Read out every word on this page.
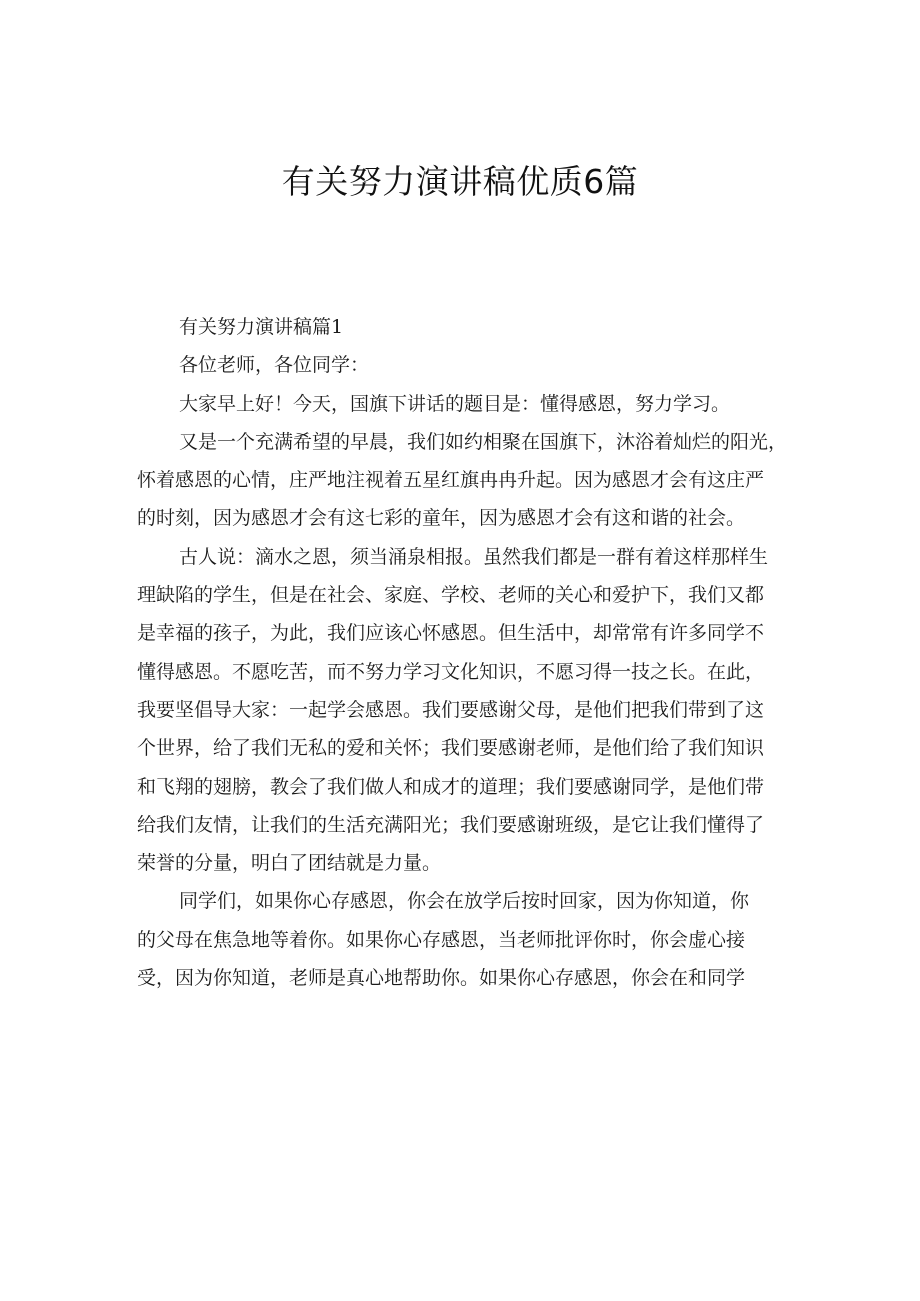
有关努力演讲稿优质6篇
有关努力演讲稿篇1
各位老师，各位同学：
大家早上好！今天，国旗下讲话的题目是：懂得感恩，努力学习。
又是一个充满希望的早晨，我们如约相聚在国旗下，沐浴着灿烂的阳光，
怀着感恩的心情，庄严地注视着五星红旗冉冉升起。因为感恩才会有这庄严
的时刻，因为感恩才会有这七彩的童年，因为感恩才会有这和谐的社会。
古人说：滴水之恩，须当涌泉相报。虽然我们都是一群有着这样那样生
理缺陷的学生，但是在社会、家庭、学校、老师的关心和爱护下，我们又都
是幸福的孩子，为此，我们应该心怀感恩。但生活中，却常常有许多同学不
懂得感恩。不愿吃苦，而不努力学习文化知识，不愿习得一技之长。在此，
我要坚倡导大家：一起学会感恩。我们要感谢父母，是他们把我们带到了这
个世界，给了我们无私的爱和关怀；我们要感谢老师，是他们给了我们知识
和飞翔的翅膀，教会了我们做人和成才的道理；我们要感谢同学，是他们带
给我们友情，让我们的生活充满阳光；我们要感谢班级，是它让我们懂得了
荣誉的分量，明白了团结就是力量。
同学们，如果你心存感恩，你会在放学后按时回家，因为你知道，你
的父母在焦急地等着你。如果你心存感恩，当老师批评你时，你会虚心接
受，因为你知道，老师是真心地帮助你。如果你心存感恩，你会在和同学
